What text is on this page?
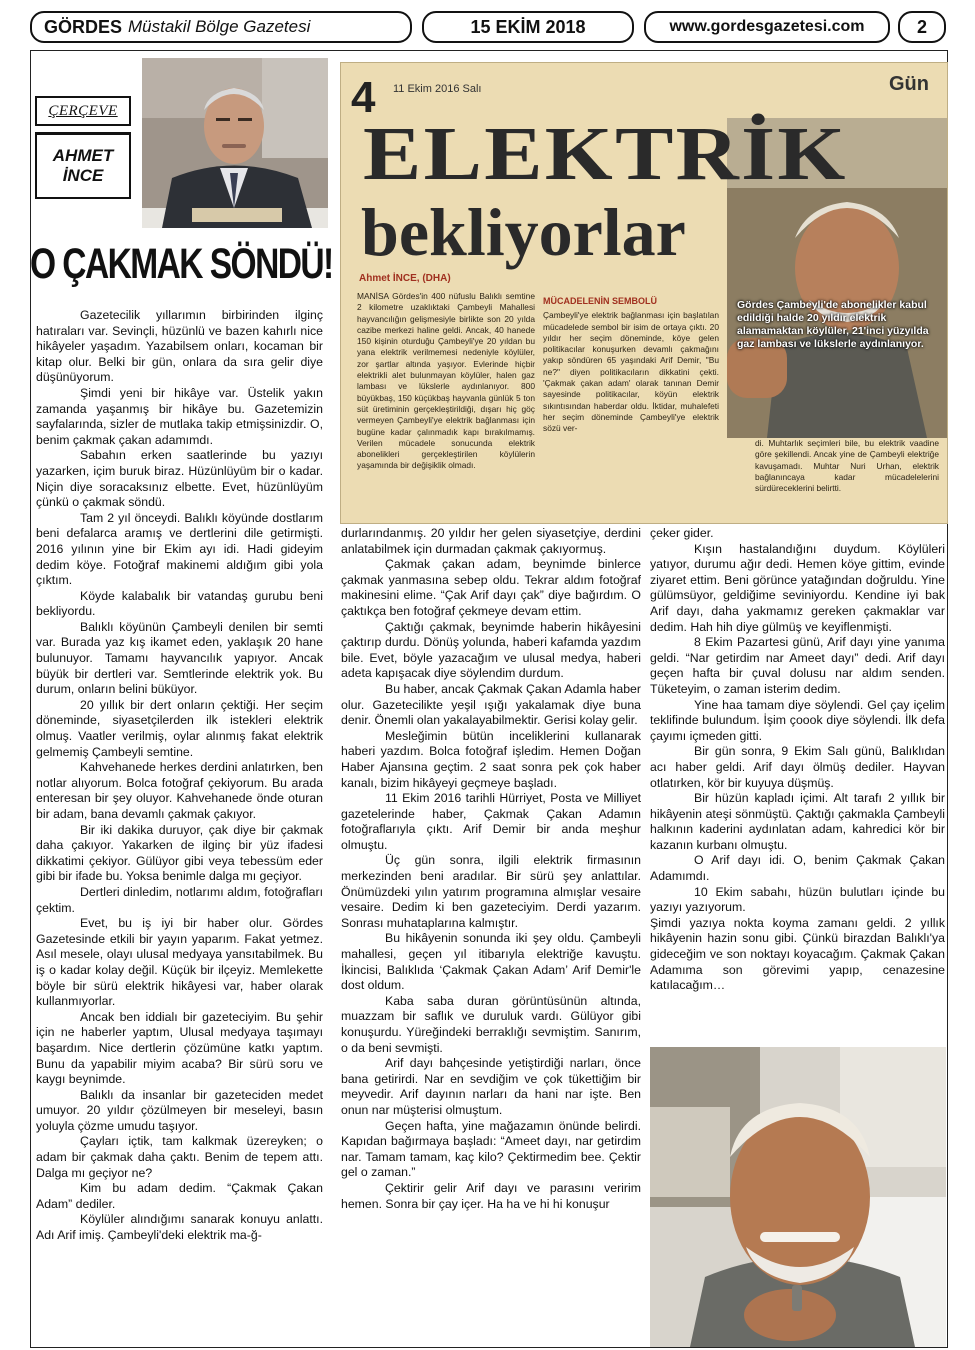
GÖRDES Müstakil Bölge Gazetesi	15 EKİM 2018	www.gordesgazetesi.com	2
ÇERÇEVE
AHMET
İNCE
O ÇAKMAK SÖNDÜ!

Gazetecilik yıllarımın birbirinden ilginç hatıraları var. Sevinçli, hüzünlü ve bazen kahırlı nice hikâyeler yaşadım. Yazabilsem onları, kocaman bir kitap olur. Belki bir gün, onlara da sıra gelir diye düşünüyorum.

Şimdi yeni bir hikâye var. Üstelik yakın zamanda yaşanmış bir hikâye bu. Gazetemizin sayfalarında, sizler de mutlaka takip etmişsinizdir. O, benim çakmak çakan adamımdı.

Sabahın erken saatlerinde bu yazıyı yazarken, içim buruk biraz. Hüzünlüyüm bir o kadar. Niçin diye soracaksınız elbette. Evet, hüzünlüyüm çünkü o çakmak söndü.

Tam 2 yıl önceydi. Balıklı köyünde dostlarım beni defalarca aramış ve dertlerini dile getirmişti. 2016 yılının yine bir Ekim ayı idi. Hadi gideyim dedim köye. Fotoğraf makinemi aldığım gibi yola çıktım.

Köyde kalabalık bir vatandaş gurubu beni bekliyordu.

Balıklı köyünün Çambeyli denilen bir semti var. Burada yaz kış ikamet eden, yaklaşık 20 hane bulunuyor. Tamamı hayvancılık yapıyor. Ancak büyük bir dertleri var. Semtlerinde elektrik yok. Bu durum, onların belini büküyor.

20 yıllık bir dert onların çektiği. Her seçim döneminde, siyasetçilerden ilk istekleri elektrik olmuş. Vaatler verilmiş, oylar alınmış fakat elektrik gelmemiş Çambeyli semtine.

Kahvehanede herkes derdini anlatırken, ben notlar alıyorum. Bolca fotoğraf çekiyorum. Bu arada enteresan bir şey oluyor. Kahvehanede önde oturan bir adam, bana devamlı çakmak çakıyor.

Bir iki dakika duruyor, çak diye bir çakmak daha çakıyor. Yakarken de ilginç bir yüz ifadesi dikkatimi çekiyor. Gülüyor gibi veya tebessüm eder gibi bir ifade bu. Yoksa benimle dalga mı geçiyor.

Dertleri dinledim, notlarımı aldım, fotoğrafları çektim.

Evet, bu iş iyi bir haber olur. Gördes Gazetesinde etkili bir yayın yaparım. Fakat yetmez. Asıl mesele, olayı ulusal medyaya yansıtabilmek. Bu iş o kadar kolay değil. Küçük bir ilçeyiz. Memlekette böyle bir sürü elektrik hikâyesi var, haber olarak kullanmıyorlar.

Ancak ben iddialı bir gazeteciyim. Bu şehir için ne haberler yaptım, Ulusal medyaya taşımayı başardım. Nice dertlerin çözümüne katkı yaptım. Bunu da yapabilir miyim acaba? Bir sürü soru ve kaygı beynimde.

Balıklı da insanlar bir gazeteciden medet umuyor. 20 yıldır çözülmeyen bir meseleyi, basın yoluyla çözme umudu taşıyor.

Çayları içtik, tam kalkmak üzereyken; o adam bir çakmak daha çaktı. Benim de tepem attı. Dalga mı geçiyor ne?

Kim bu adam dedim. “Çakmak Çakan Adam” dediler.

Köylüler alındığımı sanarak konuyu anlattı. Adı Arif imiş. Çambeyli'deki elektrik ma-ğ-

4 11 Ekim 2016 Salı	Gün
ELEKTRİK
bekliyorlar
Ahmet İNCE, (DHA)

MANİSA Gördes'in 400 nüfuslu Balıklı semtine 2 kilometre uzaklıktaki Çambeyli Mahallesi hayvancılığın gelişmesiyle birlikte son 20 yılda cazibe merkezi haline geldi. Ancak, 40 hanede 150 kişinin oturduğu Çambeyli'ye 20 yıldan bu yana elektrik verilmemesi nedeniyle köylüler, zor şartlar altında yaşıyor. Evlerinde hiçbir elektrikli alet bulunmayan köylüler, halen gaz lambası ve lükslerle aydınlanıyor. 800 büyükbaş, 150 küçükbaş hayvanla günlük 5 ton süt üretiminin gerçekleştirildiği, dışarı hiç göç vermeyen Çambeyli'ye elektrik bağlanması için bugüne kadar çalınmadık kapı bırakılmamış. Verilen mücadele sonucunda elektrik abonelikleri gerçekleştirilen köylülerin yaşamında bir değişiklik olmadı.

MÜCADELENİN SEMBOLÜ

Çambeyli'ye elektrik bağlanması için başlatılan mücadelede sembol bir isim de ortaya çıktı. 20 yıldır her seçim döneminde, köye gelen politikacılar konuşurken devamlı çakmağını yakıp söndüren 65 yaşındaki Arif Demir, "Bu ne?" diyen politikacıların dikkatini çekti. 'Çakmak çakan adam' olarak tanınan Demir sayesinde politikacılar, köyün elektrik sıkıntısından haberdar oldu. İktidar, muhalefeti her seçim döneminde Çambeyli'ye elektrik sözü ver-

di. Muhtarlık seçimleri bile, bu elektrik vaadine göre şekillendi. Ancak yine de Çambeyli elektriğe kavuşamadı. Muhtar Nuri Urhan, elektrik bağlanıncaya kadar mücadelelerini sürdüreceklerini belirtti.

Gördes Çambeyli'de abonelikler kabul edildiği halde 20 yıldır elektrik alamamaktan köylüler, 21'inci yüzyılda gaz lambası ve lükslerle aydınlanıyor.

durlarındanmış. 20 yıldır her gelen siyasetçiye, derdini anlatabilmek için durmadan çakmak çakıyormuş.

Çakmak çakan adam, beynimde binlerce çakmak yanmasına sebep oldu. Tekrar aldım fotoğraf makinesini elime. “Çak Arif dayı çak” diye bağırdım. O çaktıkça ben fotoğraf çekmeye devam ettim.

Çaktığı çakmak, beynimde haberin hikâyesini çaktırıp durdu. Dönüş yolunda, haberi kafamda yazdım bile. Evet, böyle yazacağım ve ulusal medya, haberi adeta kapışacak diye söylendim durdum.

Bu haber, ancak Çakmak Çakan Adamla haber olur. Gazetecilikte yeşil ışığı yakalamak diye buna denir. Önemli olan yakalayabilmektir. Gerisi kolay gelir.

Mesleğimin bütün inceliklerini kullanarak haberi yazdım. Bolca fotoğraf işledim. Hemen Doğan Haber Ajansına geçtim. 2 saat sonra pek çok haber kanalı, bizim hikâyeyi geçmeye başladı.

11 Ekim 2016 tarihli Hürriyet, Posta ve Milliyet gazetelerinde haber, Çakmak Çakan Adamın fotoğraflarıyla çıktı. Arif Demir bir anda meşhur olmuştu.

Üç gün sonra, ilgili elektrik firmasının merkezinden beni aradılar. Bir sürü şey anlattılar. Önümüzdeki yılın yatırım programına almışlar vesaire vesaire. Dedim ki ben gazeteciyim. Derdi yazarım. Sonrası muhataplarına kalmıştır.

Bu hikâyenin sonunda iki şey oldu. Çambeyli mahallesi, geçen yıl itibarıyla elektriğe kavuştu. İkincisi, Balıklıda ‘Çakmak Çakan Adam’ Arif Demir'le dost oldum.

Kaba saba duran görüntüsünün altında, muazzam bir saflık ve duruluk vardı. Gülüyor gibi konuşurdu. Yüreğindeki berraklığı sevmiştim. Sanırım, o da beni sevmişti.

Arif dayı bahçesinde yetiştirdiği narları, önce bana getirirdi. Nar en sevdiğim ve çok tükettiğim bir meyvedir. Arif dayının narları da hani nar işte. Ben onun nar müşterisi olmuştum.

Geçen hafta, yine mağazamın önünde belirdi. Kapıdan bağırmaya başladı: “Ameet dayı, nar getirdim nar. Tamam tamam, kaç kilo? Çektirmedim bee. Çektir gel o zaman.”

Çektirir gelir Arif dayı ve parasını veririm hemen. Sonra bir çay içer. Ha ha ve hi hi konuşur

çeker gider.

Kışın hastalandığını duydum. Köylüleri yatıyor, durumu ağır dedi. Hemen köye gittim, evinde ziyaret ettim. Beni görünce yatağından doğruldu. Yine gülümsüyor, geldiğime seviniyordu. Kendine iyi bak Arif dayı, daha yakmamız gereken çakmaklar var dedim. Hah hih diye gülmüş ve keyiflenmişti.

8 Ekim Pazartesi günü, Arif dayı yine yanıma geldi. “Nar getirdim nar Ameet dayı” dedi. Arif dayı geçen hafta bir çuval dolusu nar aldım senden. Tüketeyim, o zaman isterim dedim.

Yine haa tamam diye söylendi. Gel çay içelim teklifinde bulundum. İşim çoook diye söylendi. İlk defa çayımı içmeden gitti.

Bir gün sonra, 9 Ekim Salı günü, Balıklıdan acı haber geldi. Arif dayı ölmüş dediler. Hayvan otlatırken, kör bir kuyuya düşmüş.

Bir hüzün kapladı içimi. Alt tarafı 2 yıllık bir hikâyenin ateşi sönmüştü. Çaktığı çakmakla Çambeyli halkının kaderini aydınlatan adam, kahredici kör bir kazanın kurbanı olmuştu.

O Arif dayı idi. O, benim Çakmak Çakan Adamımdı.

10 Ekim sabahı, hüzün bulutları içinde bu yazıyı yazıyorum.

Şimdi yazıya nokta koyma zamanı geldi. 2 yıllık hikâyenin hazin sonu gibi. Çünkü birazdan Balıklı'ya gideceğim ve son noktayı koyacağım. Çakmak Çakan Adamıma son görevimi yapıp, cenazesine katılacağım…
